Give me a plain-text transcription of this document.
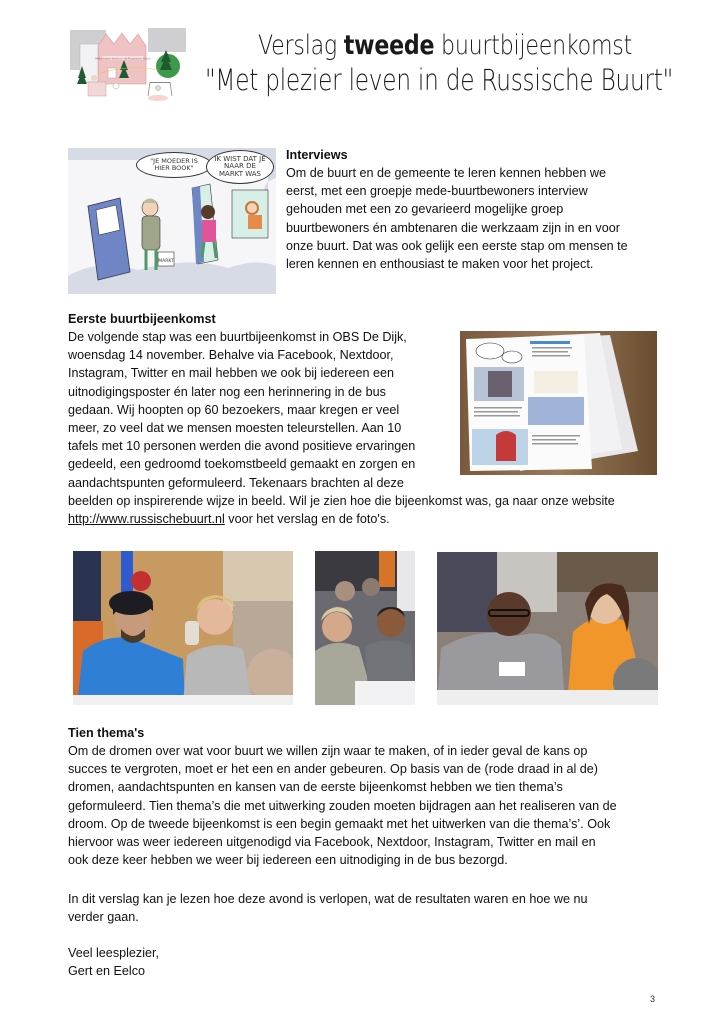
Met plezier leven in de Russische Buurt	Verslag tweede buurtbijeenkomst
"Met plezier leven in de Russische Buurt"
MARKT
"JE MOEDER IS HIER BOOK"
IK WIST DAT JE NAAR DE MARKT WAS
Interviews

Om de buurt en de gemeente te leren kennen hebben we

eerst, met een groepje mede-buurtbewoners interview

gehouden met een zo gevarieerd mogelijke groep

buurtbewoners én ambtenaren die werkzaam zijn in en voor

onze buurt. Dat was ook gelijk een eerste stap om mensen te

leren kennen en enthousiast te maken voor het project.

Eerste buurtbijeenkomst

De volgende stap was een buurtbijeenkomst in OBS De Dijk,

woensdag 14 november. Behalve via Facebook, Nextdoor,

Instagram, Twitter en mail hebben we ook bij iedereen een

uitnodigingsposter én later nog een herinnering in de bus

gedaan. Wij hoopten op 60 bezoekers, maar kregen er veel

meer, zo veel dat we mensen moesten teleurstellen. Aan 10

tafels met 10 personen werden die avond positieve ervaringen

gedeeld, een gedroomd toekomstbeeld gemaakt en zorgen en

aandachtspunten geformuleerd. Tekenaars brachten al deze

beelden op inspirerende wijze in beeld. Wil je zien hoe die bijeenkomst was, ga naar onze website

http://www.russischebuurt.nl voor het verslag en de foto's.

Tien thema's

Om de dromen over wat voor buurt we willen zijn waar te maken, of in ieder geval de kans op

succes te vergroten, moet er het een en ander gebeuren. Op basis van de (rode draad in al de)

dromen, aandachtspunten en kansen van de eerste bijeenkomst hebben we tien thema’s

geformuleerd. Tien thema’s die met uitwerking zouden moeten bijdragen aan het realiseren van de

droom. Op de tweede bijeenkomst is een begin gemaakt met het uitwerken van die thema’s’. Ook

hiervoor was weer iedereen uitgenodigd via Facebook, Nextdoor, Instagram, Twitter en mail en

ook deze keer hebben we weer bij iedereen een uitnodiging in de bus bezorgd.

In dit verslag kan je lezen hoe deze avond is verlopen, wat de resultaten waren en hoe we nu

verder gaan.

Veel leesplezier,

Gert en Eelco

3
